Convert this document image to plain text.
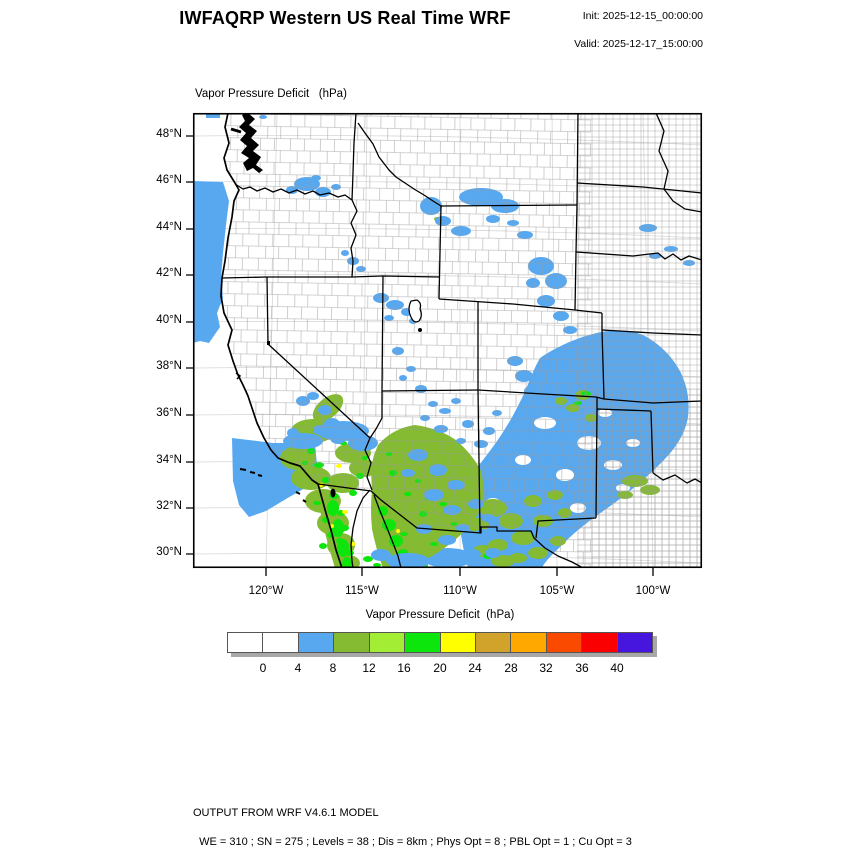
IWFAQRP Western US Real Time WRF	Init: 2025-12-15_00:00:00

Valid: 2025-12-17_15:00:00
Vapor Pressure Deficit   (hPa)
48°N
46°N
44°N
42°N
40°N
38°N
36°N
34°N
32°N
30°N
120°W	115°W	110°W	105°W	100°W
Vapor Pressure Deficit  (hPa)
0	4	8	12	16	20	24	28	32	36	40
OUTPUT FROM WRF V4.6.1 MODEL

WE = 310 ; SN = 275 ; Levels = 38 ; Dis = 8km ; Phys Opt = 8 ; PBL Opt = 1 ; Cu Opt = 3
